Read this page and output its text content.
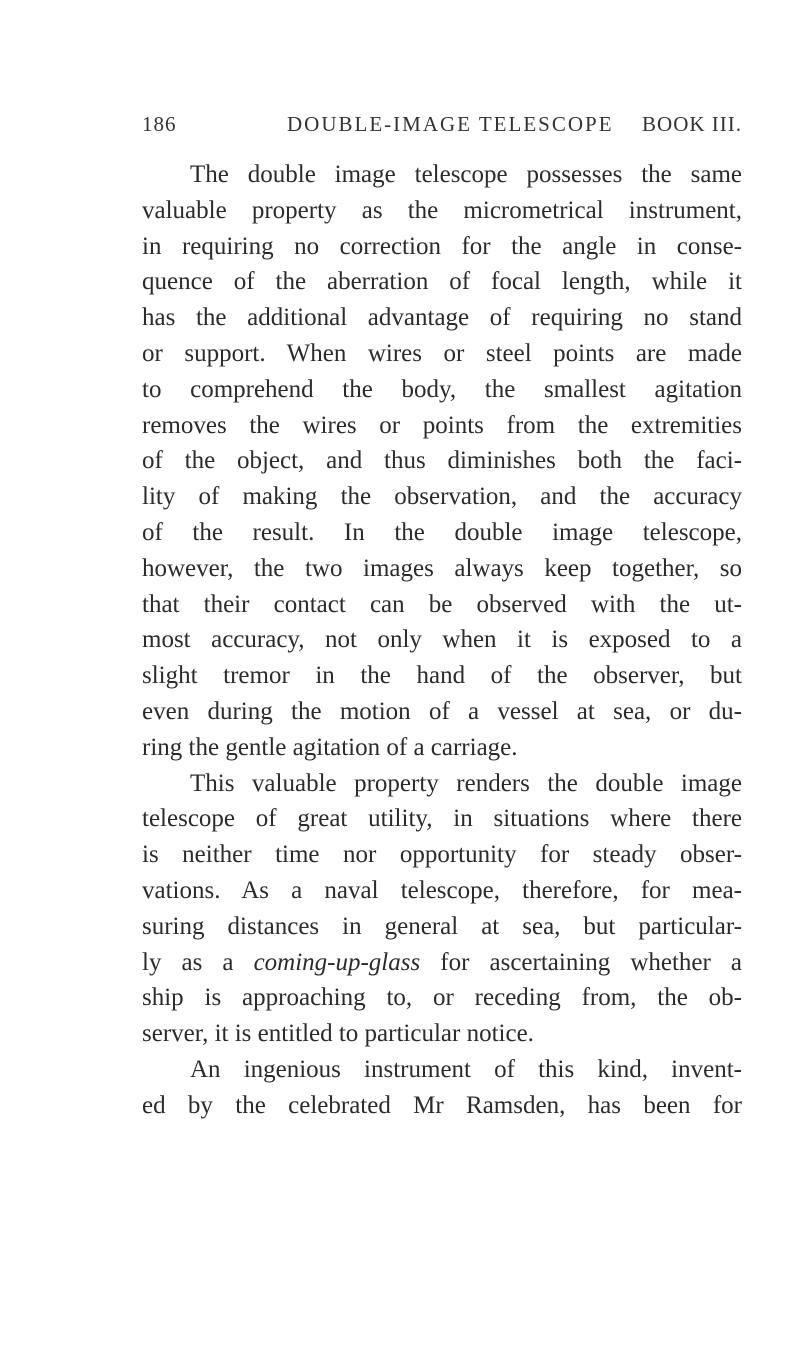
186	DOUBLE-IMAGE TELESCOPE BOOK III.
The double image telescope possesses the same
valuable property as the micrometrical instrument,
in requiring no correction for the angle in conse-
quence of the aberration of focal length, while it
has the additional advantage of requiring no stand
or support. When wires or steel points are made
to comprehend the body, the smallest agitation
removes the wires or points from the extremities
of the object, and thus diminishes both the faci-
lity of making the observation, and the accuracy
of the result. In the double image telescope,
however, the two images always keep together, so
that their contact can be observed with the ut-
most accuracy, not only when it is exposed to a
slight tremor in the hand of the observer, but
even during the motion of a vessel at sea, or du-
ring the gentle agitation of a carriage.
This valuable property renders the double image
telescope of great utility, in situations where there
is neither time nor opportunity for steady obser-
vations. As a naval telescope, therefore, for mea-
suring distances in general at sea, but particular-
ly as a coming-up-glass for ascertaining whether a
ship is approaching to, or receding from, the ob-
server, it is entitled to particular notice.
An ingenious instrument of this kind, invent-
ed by the celebrated Mr Ramsden, has been for
